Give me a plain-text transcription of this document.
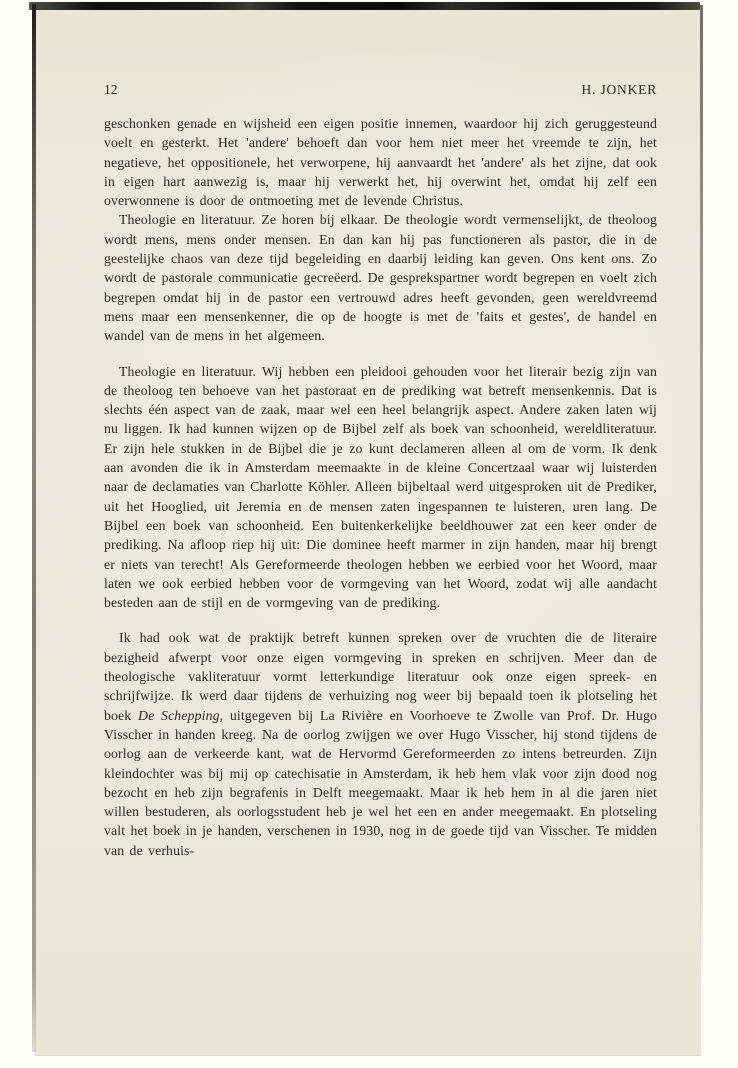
12	H. JONKER

geschonken genade en wijsheid een eigen positie innemen, waardoor hij zich geruggesteund voelt en gesterkt. Het 'andere' behoeft dan voor hem niet meer het vreemde te zijn, het negatieve, het oppositionele, het verworpene, hij aanvaardt het 'andere' als het zijne, dat ook in eigen hart aanwezig is, maar hij verwerkt het, hij overwint het, omdat hij zelf een overwonnene is door de ontmoeting met de levende Christus.

Theologie en literatuur. Ze horen bij elkaar. De theologie wordt vermenselijkt, de theoloog wordt mens, mens onder mensen. En dan kan hij pas functioneren als pastor, die in de geestelijke chaos van deze tijd begeleiding en daarbij leiding kan geven. Ons kent ons. Zo wordt de pastorale communicatie gecreëerd. De gesprekspartner wordt begrepen en voelt zich begrepen omdat hij in de pastor een vertrouwd adres heeft gevonden, geen wereldvreemd mens maar een mensenkenner, die op de hoogte is met de 'faits et gestes', de handel en wandel van de mens in het algemeen.

Theologie en literatuur. Wij hebben een pleidooi gehouden voor het literair bezig zijn van de theoloog ten behoeve van het pastoraat en de prediking wat betreft mensenkennis. Dat is slechts één aspect van de zaak, maar wel een heel belangrijk aspect. Andere zaken laten wij nu liggen. Ik had kunnen wijzen op de Bijbel zelf als boek van schoonheid, wereldliteratuur. Er zijn hele stukken in de Bijbel die je zo kunt declameren alleen al om de vorm. Ik denk aan avonden die ik in Amsterdam meemaakte in de kleine Concertzaal waar wij luisterden naar de declamaties van Charlotte Köhler. Alleen bijbeltaal werd uitgesproken uit de Prediker, uit het Hooglied, uit Jeremia en de mensen zaten ingespannen te luisteren, uren lang. De Bijbel een boek van schoonheid. Een buitenkerkelijke beeldhouwer zat een keer onder de prediking. Na afloop riep hij uit: Die dominee heeft marmer in zijn handen, maar hij brengt er niets van terecht! Als Gereformeerde theologen hebben we eerbied voor het Woord, maar laten we ook eerbied hebben voor de vormgeving van het Woord, zodat wij alle aandacht besteden aan de stijl en de vormgeving van de prediking.

Ik had ook wat de praktijk betreft kunnen spreken over de vruchten die de literaire bezigheid afwerpt voor onze eigen vormgeving in spreken en schrijven. Meer dan de theologische vakliteratuur vormt letterkundige literatuur ook onze eigen spreek- en schrijfwijze. Ik werd daar tijdens de verhuizing nog weer bij bepaald toen ik plotseling het boek De Schepping, uitgegeven bij La Rivière en Voorhoeve te Zwolle van Prof. Dr. Hugo Visscher in handen kreeg. Na de oorlog zwijgen we over Hugo Visscher, hij stond tijdens de oorlog aan de verkeerde kant, wat de Hervormd Gereformeerden zo intens betreurden. Zijn kleindochter was bij mij op catechisatie in Amsterdam, ik heb hem vlak voor zijn dood nog bezocht en heb zijn begrafenis in Delft meegemaakt. Maar ik heb hem in al die jaren niet willen bestuderen, als oorlogsstudent heb je wel het een en ander meegemaakt. En plotseling valt het boek in je handen, verschenen in 1930, nog in de goede tijd van Visscher. Te midden van de verhuis-
